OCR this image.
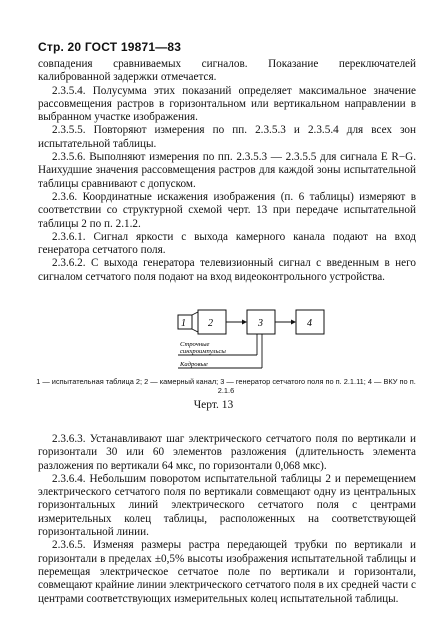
Стр. 20 ГОСТ 19871—83

совпадения сравниваемых сигналов. Показание переключателей калиброванной задержки отмечается.

2.3.5.4. Полусумма этих показаний определяет максимальное значение рассовмещения растров в горизонтальном или вертикальном направлении в выбранном участке изображения.

2.3.5.5. Повторяют измерения по пп. 2.3.5.3 и 2.3.5.4 для всех зон испытательной таблицы.

2.3.5.6. Выполняют измерения по пп. 2.3.5.3 — 2.3.5.5 для сигнала E R−G. Наихудшие значения рассовмещения растров для каждой зоны испытательной таблицы сравнивают с допуском.

2.3.6. Координатные искажения изображения (п. 6 таблицы) измеряют в соответствии со структурной схемой черт. 13 при передаче испытательной таблицы 2 по п. 2.1.2.

2.3.6.1. Сигнал яркости с выхода камерного канала подают на вход генератора сетчатого поля.

2.3.6.2. С выхода генератора телевизионный сигнал с введенным в него сигналом сетчатого поля подают на вход видеоконтрольного устройства.

1 2	3	4
Строчные
синхроимпульсы
Кадровые
1 — испытательная таблица 2; 2 — камерный канал; 3 — генератор сетчатого поля по п. 2.1.11; 4 — ВКУ по п. 2.1.6
Черт. 13

2.3.6.3. Устанавливают шаг электрического сетчатого поля по вертикали и горизонтали 30 или 60 элементов разложения (длительность элемента разложения по вертикали 64 мкс, по горизонтали 0,068 мкс).

2.3.6.4. Небольшим поворотом испытательной таблицы 2 и перемещением электрического сетчатого поля по вертикали совмещают одну из центральных горизонтальных линий электрического сетчатого поля с центрами измерительных колец таблицы, расположенных на соответствующей горизонтальной линии.

2.3.6.5. Изменяя размеры растра передающей трубки по вертикали и горизонтали в пределах ±0,5% высоты изображения испытательной таблицы и перемещая электрическое сетчатое поле по вертикали и горизонтали, совмещают крайние линии электрического сетчатого поля в их средней части с центрами соответствующих измерительных колец испытательной таблицы.
